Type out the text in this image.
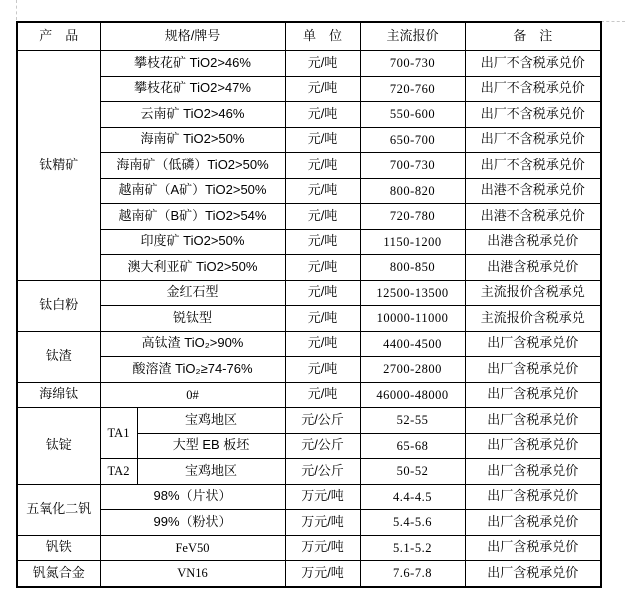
产　品	规格/牌号		单　位	主流报价	备　注
钛精矿	攀枝花矿 TiO2>46%		元/吨	700-730	出厂不含税承兑价
	攀枝花矿 TiO2>47%		元/吨	720-760	出厂不含税承兑价
	云南矿 TiO2>46%		元/吨	550-600	出厂不含税承兑价
	海南矿 TiO2>50%		元/吨	650-700	出厂不含税承兑价
	海南矿（低磷）TiO2>50%		元/吨	700-730	出厂不含税承兑价
	越南矿（A矿）TiO2>50%		元/吨	800-820	出港不含税承兑价
	越南矿（B矿）TiO2>54%		元/吨	720-780	出港不含税承兑价
	印度矿 TiO2>50%		元/吨	1150-1200	出港含税承兑价
	澳大利亚矿 TiO2>50%		元/吨	800-850	出港含税承兑价
钛白粉	金红石型		元/吨	12500-13500	主流报价含税承兑
	锐钛型		元/吨	10000-11000	主流报价含税承兑
钛渣	高钛渣 TiO₂>90%		元/吨	4400-4500	出厂含税承兑价
	酸溶渣 TiO₂≥74-76%		元/吨	2700-2800	出厂含税承兑价
海绵钛	0#		元/吨	46000-48000	出厂含税承兑价
钛锭	TA1	宝鸡地区	元/公斤	52-55	出厂含税承兑价
		大型 EB 板坯	元/公斤	65-68	出厂含税承兑价
	TA2	宝鸡地区	元/公斤	50-52	出厂含税承兑价
五氧化二钒	98%（片状）		万元/吨	4.4-4.5	出厂含税承兑价
	99%（粉状）		万元/吨	5.4-5.6	出厂含税承兑价
钒铁	FeV50		万元/吨	5.1-5.2	出厂含税承兑价
钒氮合金	VN16		万元/吨	7.6-7.8	出厂含税承兑价
